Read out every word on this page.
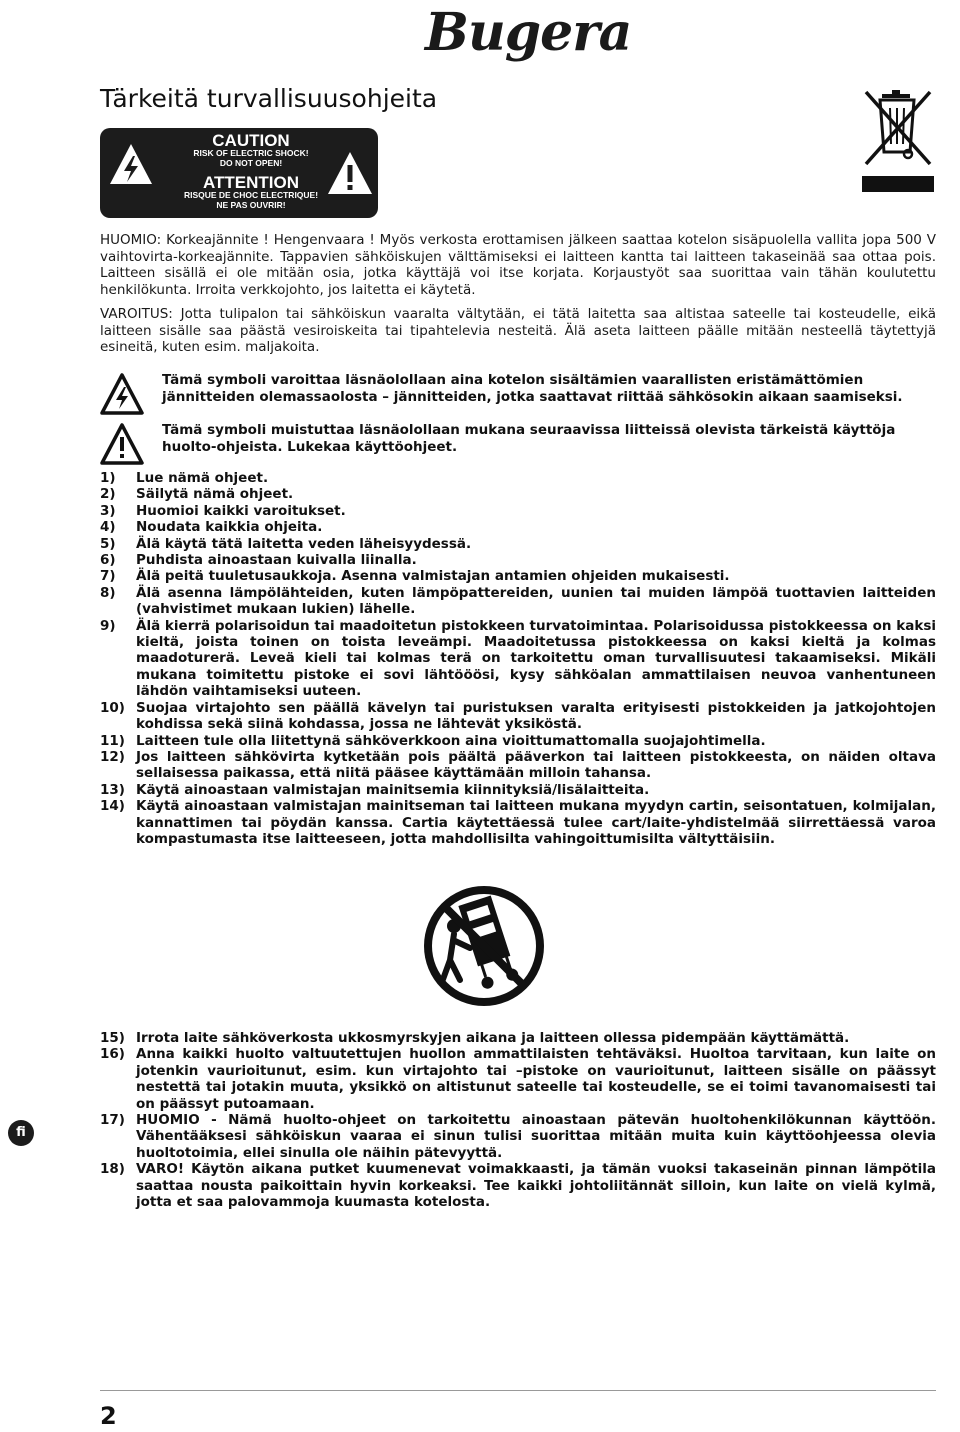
Bugera
Tärkeitä turvallisuusohjeita
CAUTION
RISK OF ELECTRIC SHOCK!
DO NOT OPEN!
ATTENTION
RISQUE DE CHOC ELECTRIQUE!
NE PAS OUVRIR!
HUOMIO: Korkeajännite ! Hengenvaara ! Myös verkosta erottamisen jälkeen saattaa kotelon sisäpuolella vallita jopa 500 V vaihtovirta-korkeajännite. Tappavien sähköiskujen välttämiseksi ei laitteen kantta tai laitteen takaseinää saa ottaa pois. Laitteen sisällä ei ole mitään osia, jotka käyttäjä voi itse korjata. Korjaustyöt saa suorittaa vain tähän koulutettu henkilökunta. Irroita verkkojohto, jos laitetta ei käytetä.
VAROITUS: Jotta tulipalon tai sähköiskun vaaralta vältytään, ei tätä laitetta saa altistaa sateelle tai kosteudelle, eikä laitteen sisälle saa päästä vesiroiskeita tai tipahtelevia nesteitä. Älä aseta laitteen päälle mitään nesteellä täytettyjä esineitä, kuten esim. maljakoita.
Tämä symboli varoittaa läsnäolollaan aina kotelon sisältämien vaarallisten eristämättömien jännitteiden olemassaolosta – jännitteiden, jotka saattavat riittää sähkösokin aikaan saamiseksi.
Tämä symboli muistuttaa läsnäolollaan mukana seuraavissa liitteissä olevista tärkeistä käyttöja huolto-ohjeista. Lukekaa käyttöohjeet.
1)	Lue nämä ohjeet.
2)	Säilytä nämä ohjeet.
3)	Huomioi kaikki varoitukset.
4)	Noudata kaikkia ohjeita.
5)	Älä käytä tätä laitetta veden läheisyydessä.
6)	Puhdista ainoastaan kuivalla liinalla.
7)	Älä peitä tuuletusaukkoja. Asenna valmistajan antamien ohjeiden mukaisesti.
8)	Älä asenna lämpölähteiden, kuten lämpöpattereiden, uunien tai muiden lämpöä tuottavien laitteiden (vahvistimet mukaan lukien) lähelle.
9)	Älä kierrä polarisoidun tai maadoitetun pistokkeen turvatoimintaa. Polarisoidussa pistokkeessa on kaksi kieltä, joista toinen on toista leveämpi. Maadoitetussa pistokkeessa on kaksi kieltä ja kolmas maadoturerä. Leveä kieli tai kolmas terä on tarkoitettu oman turvallisuutesi takaamiseksi. Mikäli mukana toimitettu pistoke ei sovi lähtööösi, kysy sähköalan ammattilaisen neuvoa vanhentuneen lähdön vaihtamiseksi uuteen.
10) Suojaa virtajohto sen päällä kävelyn tai puristuksen varalta erityisesti pistokkeiden ja jatkojohtojen kohdissa sekä siinä kohdassa, jossa ne lähtevät yksiköstä.
11) Laitteen tule olla liitettynä sähköverkkoon aina vioittumattomalla suojajohtimella.
12) Jos laitteen sähkövirta kytketään pois päältä pääverkon tai laitteen pistokkeesta, on näiden oltava sellaisessa paikassa, että niitä pääsee käyttämään milloin tahansa.
13) Käytä ainoastaan valmistajan mainitsemia kiinnityksiä/lisälaitteita.
14) Käytä ainoastaan valmistajan mainitseman tai laitteen mukana myydyn cartin, seisontatuen, kolmijalan, kannattimen tai pöydän kanssa. Cartia käytettäessä tulee cart/laite-yhdistelmää siirrettäessä varoa kompastumasta itse laitteeseen, jotta mahdollisilta vahingoittumisilta vältyttäisiin.
15) Irrota laite sähköverkosta ukkosmyrskyjen aikana ja laitteen ollessa pidempään käyttämättä.
16) Anna kaikki huolto valtuutettujen huollon ammattilaisten tehtäväksi. Huoltoa tarvitaan, kun laite on jotenkin vaurioitunut, esim. kun virtajohto tai –pistoke on vaurioitunut, laitteen sisälle on päässyt nestettä tai jotakin muuta, yksikkö on altistunut sateelle tai kosteudelle, se ei toimi tavanomaisesti tai on päässyt putoamaan.
17) HUOMIO - Nämä huolto-ohjeet on tarkoitettu ainoastaan pätevän huoltohenkilökunnan käyttöön. Vähentääksesi sähköiskun vaaraa ei sinun tulisi suorittaa mitään muita kuin käyttöohjeessa olevia huoltotoimia, ellei sinulla ole näihin pätevyyttä.
18) VARO! Käytön aikana putket kuumenevat voimakkaasti, ja tämän vuoksi takaseinän pinnan lämpötila saattaa nousta paikoittain hyvin korkeaksi. Tee kaikki johtoliitännät silloin, kun laite on vielä kylmä, jotta et saa palovammoja kuumasta kotelosta.
fi
2
